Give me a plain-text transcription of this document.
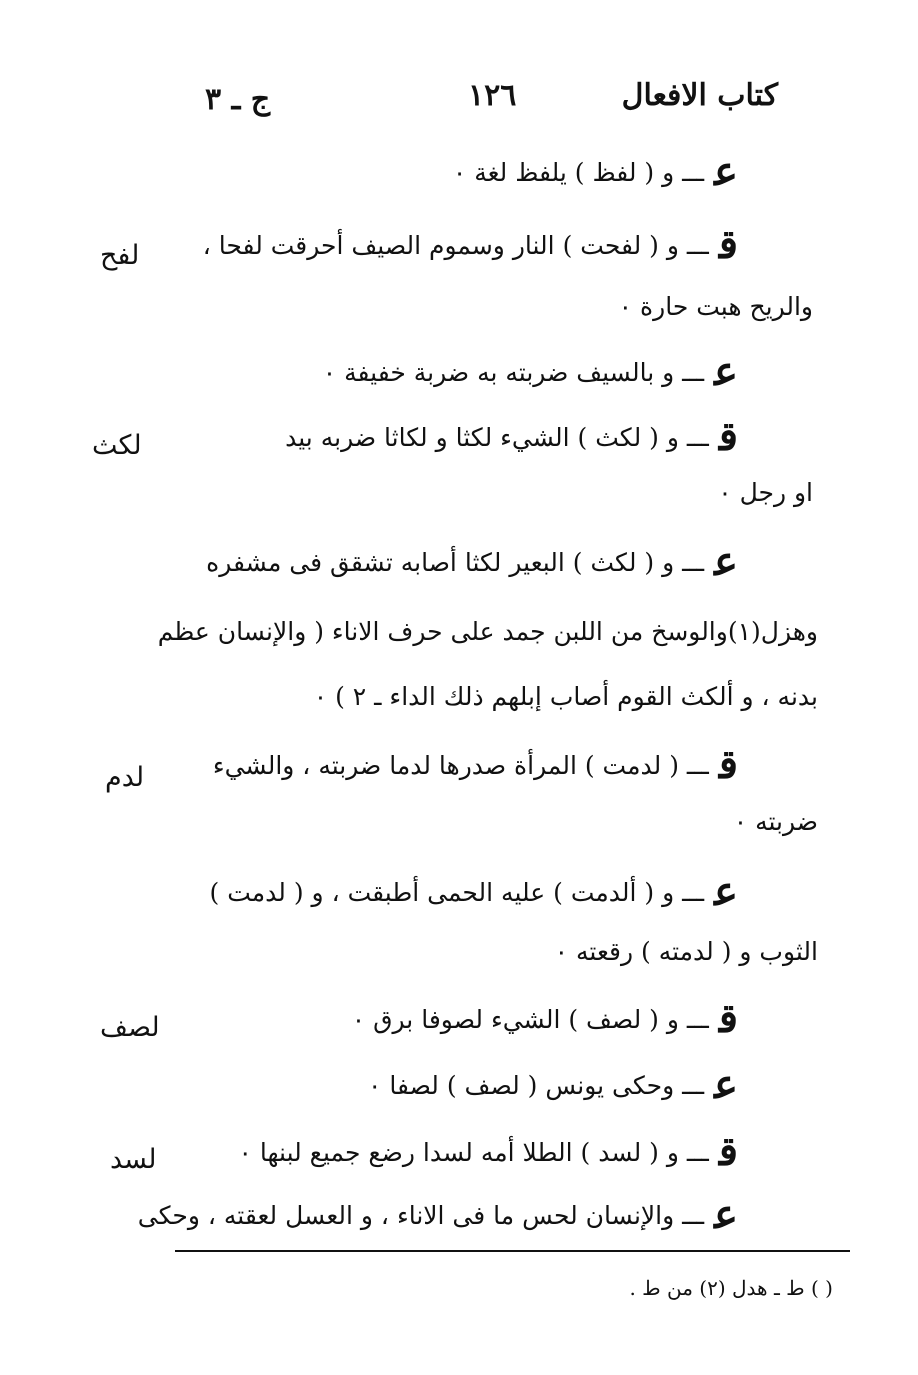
كتاب الافعال
١٢٦
ج ـ ٣
لفح
لكث
لدم
لصف
لسد
عـــ و ( لفظ ) يلفظ لغة ٠
قـــ و ( لفحت ) النار وسموم الصيف أحرقت لفحا ،
والريح هبت حارة ٠
عـــ و بالسيف ضربته به ضربة خفيفة ٠
قـــ و ( لكث ) الشيء لكثا و لكاثا ضربه بيد
او رجل ٠
عـــ و ( لكث ) البعير لكثا أصابه تشقق فى مشفره
وهزل(١)والوسخ من اللبن جمد على حرف الاناء ( والإنسان عظم
بدنه ، و ألكث القوم أصاب إبلهم ذلك الداء ـ ٢ ) ٠
قـــ ( لدمت ) المرأة صدرها لدما ضربته ، والشيء
ضربته ٠
عـــ و ( ألدمت ) عليه الحمى أطبقت ، و ( لدمت )
الثوب و ( لدمته ) رقعته ٠
قـــ و ( لصف ) الشيء لصوفا برق ٠
عـــ وحكى يونس ( لصف ) لصفا ٠
قـــ و ( لسد ) الطلا أمه لسدا رضع جميع لبنها ٠
عـــ والإنسان لحس ما فى الاناء ، و العسل لعقته ، وحكى
( ) ط ـ هدل (٢) من ط .
